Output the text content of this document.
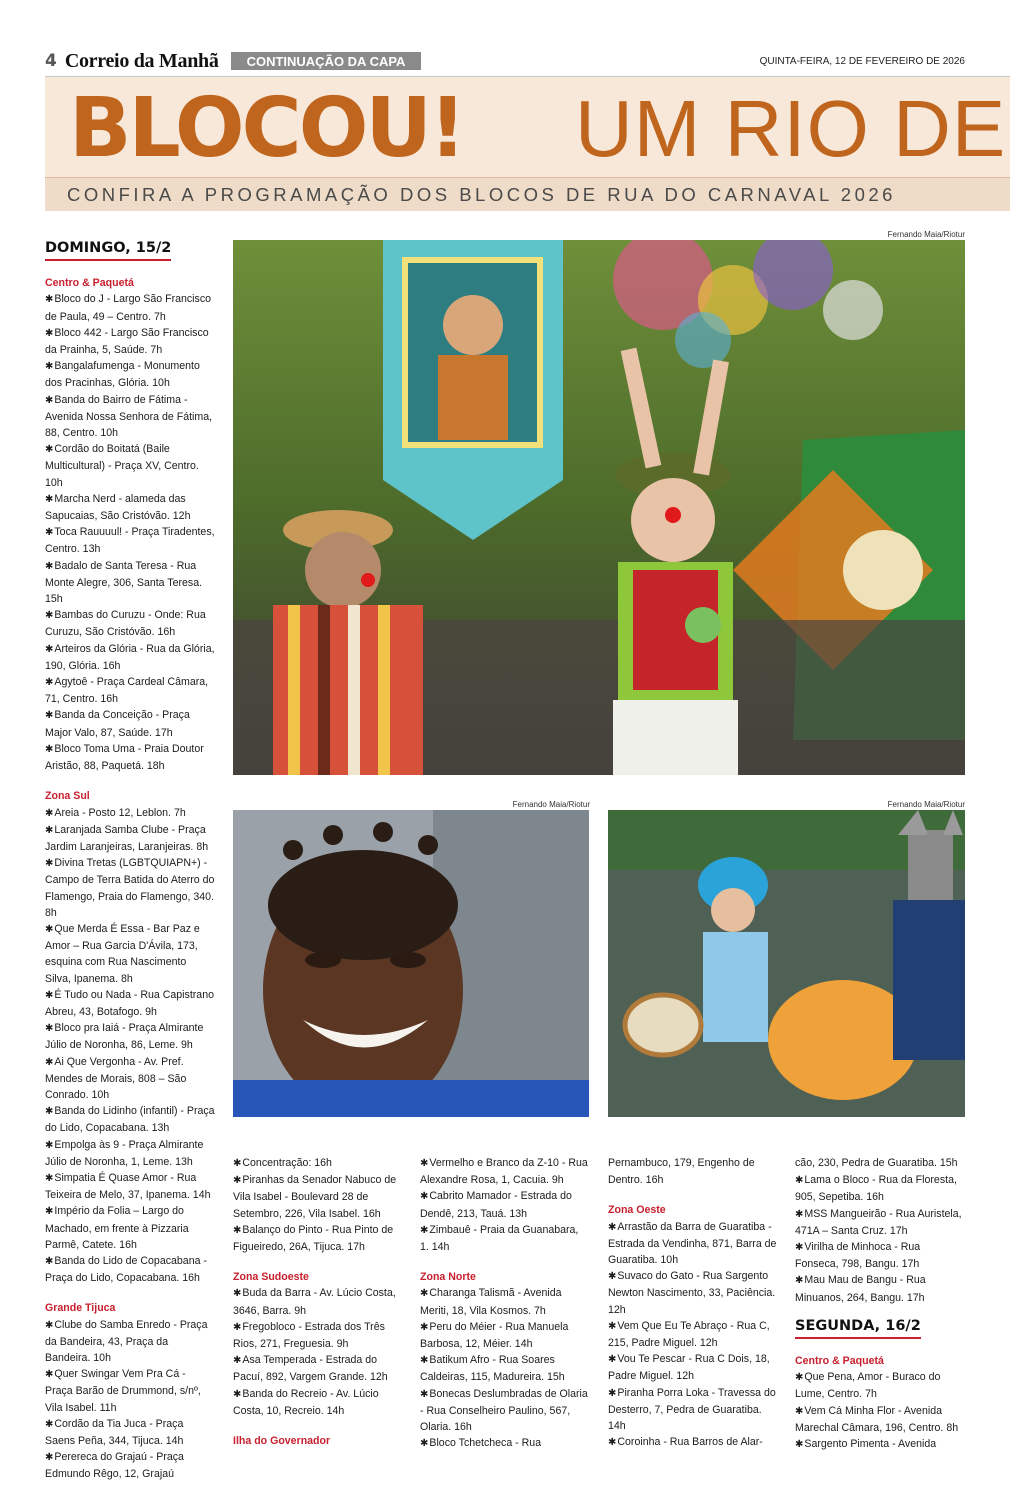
4 Correio da Manhã	CONTINUAÇÃO DA CAPA	QUINTA-FEIRA, 12 DE FEVEREIRO DE 2026
BLOCOU! UM RIO DE
CONFIRA A PROGRAMAÇÃO DOS BLOCOS DE RUA DO CARNAVAL 2026
Fernando Maia/Riotur
Fernando Maia/Riotur	Fernando Maia/Riotur
DOMINGO, 15/2
Centro & Paquetá

✱ Bloco do J - Largo São Francisco de Paula, 49 – Centro. 7h

✱ Bloco 442 - Largo São Francisco da Prainha, 5, Saúde. 7h

✱ Bangalafumenga - Monumento dos Pracinhas, Glória. 10h

✱ Banda do Bairro de Fátima - Avenida Nossa Senhora de Fátima, 88, Centro. 10h

✱ Cordão do Boitatá (Baile Multicultural) - Praça XV, Centro. 10h

✱ Marcha Nerd - alameda das Sapucaias, São Cristóvão. 12h

✱ Toca Rauuuul! - Praça Tiradentes, Centro. 13h

✱ Badalo de Santa Teresa - Rua Monte Alegre, 306, Santa Teresa. 15h

✱ Bambas do Curuzu - Onde: Rua Curuzu, São Cristóvão. 16h

✱ Arteiros da Glória - Rua da Glória, 190, Glória. 16h

✱ Agytoê - Praça Cardeal Câmara, 71, Centro. 16h

✱ Banda da Conceição - Praça Major Valo, 87, Saúde. 17h

✱ Bloco Toma Uma - Praia Doutor Aristão, 88, Paquetá. 18h

Zona Sul

✱ Areia - Posto 12, Leblon. 7h

✱ Laranjada Samba Clube - Praça Jardim Laranjeiras, Laranjeiras. 8h

✱ Divina Tretas (LGBTQUIAPN+) - Campo de Terra Batida do Aterro do Flamengo, Praia do Flamengo, 340. 8h

✱ Que Merda É Essa - Bar Paz e Amor – Rua Garcia D'Ávila, 173, esquina com Rua Nascimento Silva, Ipanema. 8h

✱ É Tudo ou Nada - Rua Capistrano Abreu, 43, Botafogo. 9h

✱ Bloco pra Iaiá - Praça Almirante Júlio de Noronha, 86, Leme. 9h

✱ Ai Que Vergonha - Av. Pref. Mendes de Morais, 808 – São Conrado. 10h

✱ Banda do Lidinho (infantil) - Praça do Lido, Copacabana. 13h

✱ Empolga às 9 - Praça Almirante Júlio de Noronha, 1, Leme. 13h

✱ Simpatia É Quase Amor - Rua Teixeira de Melo, 37, Ipanema. 14h

✱ Império da Folia – Largo do Machado, em frente à Pizzaria Parmê, Catete. 16h

✱ Banda do Lido de Copacabana - Praça do Lido, Copacabana. 16h

Grande Tijuca

✱ Clube do Samba Enredo - Praça da Bandeira, 43, Praça da Bandeira. 10h

✱ Quer Swingar Vem Pra Cá - Praça Barão de Drummond, s/nº, Vila Isabel. 11h

✱ Cordão da Tia Juca - Praça Saens Peña, 344, Tijuca. 14h

✱ Perereca do Grajaú - Praça Edmundo Rêgo, 12, Grajaú

✱ Concentração: 16h

✱ Piranhas da Senador Nabuco de Vila Isabel - Boulevard 28 de Setembro, 226, Vila Isabel. 16h

✱ Balanço do Pinto - Rua Pinto de Figueiredo, 26A, Tijuca. 17h

Zona Sudoeste

✱ Buda da Barra - Av. Lúcio Costa, 3646, Barra. 9h

✱ Fregobloco - Estrada dos Três Rios, 271, Freguesia. 9h

✱ Asa Temperada - Estrada do Pacuí, 892, Vargem Grande. 12h

✱ Banda do Recreio - Av. Lúcio Costa, 10, Recreio. 14h

Ilha do Governador

✱ Vermelho e Branco da Z-10 - Rua Alexandre Rosa, 1, Cacuia. 9h

✱ Cabrito Mamador - Estrada do Dendê, 213, Tauá. 13h

✱ Zimbauê - Praia da Guanabara, 1. 14h

Zona Norte

✱ Charanga Talismã - Avenida Meriti, 18, Vila Kosmos. 7h

✱ Peru do Méier - Rua Manuela Barbosa, 12, Méier. 14h

✱ Batikum Afro - Rua Soares Caldeiras, 115, Madureira. 15h

✱ Bonecas Deslumbradas de Olaria - Rua Conselheiro Paulino, 567, Olaria. 16h

✱ Bloco Tchetcheca - Rua

Pernambuco, 179, Engenho de Dentro. 16h

Zona Oeste

✱ Arrastão da Barra de Guaratiba - Estrada da Vendinha, 871, Barra de Guaratiba. 10h

✱ Suvaco do Gato - Rua Sargento Newton Nascimento, 33, Paciência. 12h

✱ Vem Que Eu Te Abraço - Rua C, 215, Padre Miguel. 12h

✱ Vou Te Pescar - Rua C Dois, 18, Padre Miguel. 12h

✱ Piranha Porra Loka - Travessa do Desterro, 7, Pedra de Guaratiba. 14h

✱ Coroinha - Rua Barros de Alar-

cão, 230, Pedra de Guaratiba. 15h

✱ Lama o Bloco - Rua da Floresta, 905, Sepetiba. 16h

✱ MSS Mangueirão - Rua Auristela, 471A – Santa Cruz. 17h

✱ Virilha de Minhoca - Rua Fonseca, 798, Bangu. 17h

✱ Mau Mau de Bangu - Rua Minuanos, 264, Bangu. 17h

SEGUNDA, 16/2
Centro & Paquetá

✱ Que Pena, Amor - Buraco do Lume, Centro. 7h

✱ Vem Cá Minha Flor - Avenida Marechal Câmara, 196, Centro. 8h

✱ Sargento Pimenta - Avenida
